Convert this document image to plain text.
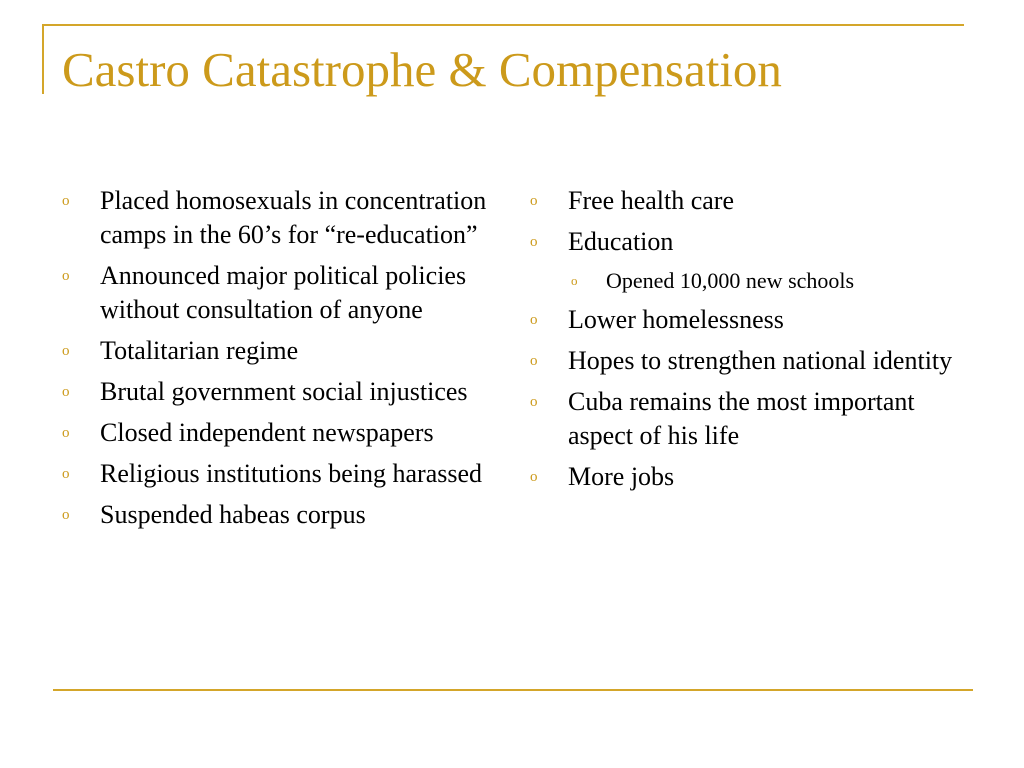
Castro Catastrophe & Compensation
o Placed homosexuals in concentration camps in the 60’s for “re-education”
o Announced major political policies without consultation of anyone
o Totalitarian regime
o Brutal government social injustices
o Closed independent newspapers
o Religious institutions being harassed
o Suspended habeas corpus
o Free health care
o Education
o Opened 10,000 new schools
o Lower homelessness
o Hopes to strengthen national identity
o Cuba remains the most important aspect of his life
o More jobs
